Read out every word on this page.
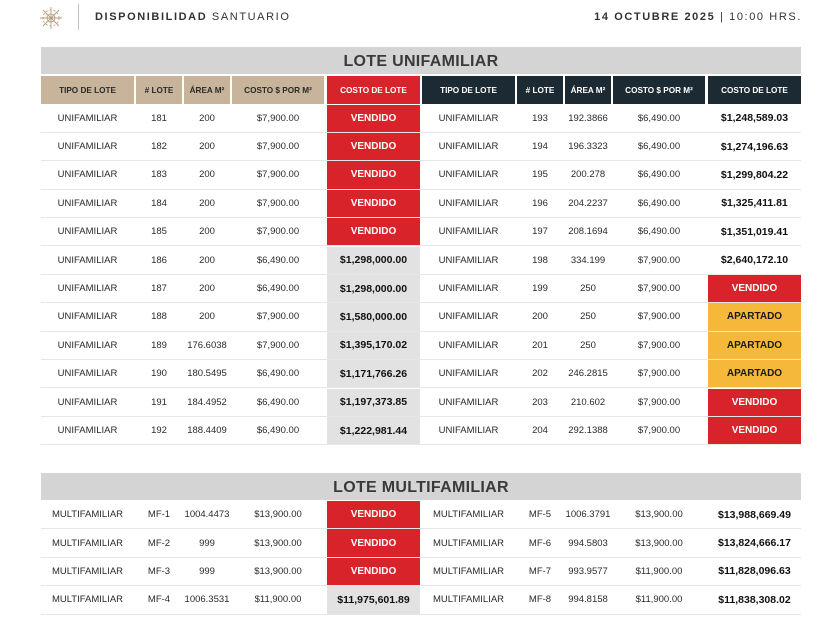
DISPONIBILIDAD SANTUARIO	14 OCTUBRE 2025 | 10:00 HRS.
LOTE UNIFAMILIAR
TIPO DE LOTE	# LOTE	ÁREA M²	COSTO $ POR M²	COSTO DE LOTE	TIPO DE LOTE	# LOTE	ÁREA M²	COSTO $ POR M²	COSTO DE LOTE
UNIFAMILIAR	181	200	$7,900.00	VENDIDO	UNIFAMILIAR	193	192.3866	$6,490.00	$1,248,589.03
UNIFAMILIAR	182	200	$7,900.00	VENDIDO	UNIFAMILIAR	194	196.3323	$6,490.00	$1,274,196.63
UNIFAMILIAR	183	200	$7,900.00	VENDIDO	UNIFAMILIAR	195	200.278	$6,490.00	$1,299,804.22
UNIFAMILIAR	184	200	$7,900.00	VENDIDO	UNIFAMILIAR	196	204.2237	$6,490.00	$1,325,411.81
UNIFAMILIAR	185	200	$7,900.00	VENDIDO	UNIFAMILIAR	197	208.1694	$6,490.00	$1,351,019.41
UNIFAMILIAR	186	200	$6,490.00	$1,298,000.00	UNIFAMILIAR	198	334.199	$7,900.00	$2,640,172.10
UNIFAMILIAR	187	200	$6,490.00	$1,298,000.00	UNIFAMILIAR	199	250	$7,900.00	VENDIDO
UNIFAMILIAR	188	200	$7,900.00	$1,580,000.00	UNIFAMILIAR	200	250	$7,900.00	APARTADO
UNIFAMILIAR	189	176.6038	$7,900.00	$1,395,170.02	UNIFAMILIAR	201	250	$7,900.00	APARTADO
UNIFAMILIAR	190	180.5495	$6,490.00	$1,171,766.26	UNIFAMILIAR	202	246.2815	$7,900.00	APARTADO
UNIFAMILIAR	191	184.4952	$6,490.00	$1,197,373.85	UNIFAMILIAR	203	210.602	$7,900.00	VENDIDO
UNIFAMILIAR	192	188.4409	$6,490.00	$1,222,981.44	UNIFAMILIAR	204	292.1388	$7,900.00	VENDIDO
LOTE MULTIFAMILIAR
MULTIFAMILIAR	MF-1	1004.4473	$13,900.00	VENDIDO	MULTIFAMILIAR	MF-5	1006.3791	$13,900.00	$13,988,669.49
MULTIFAMILIAR	MF-2	999	$13,900.00	VENDIDO	MULTIFAMILIAR	MF-6	994.5803	$13,900.00	$13,824,666.17
MULTIFAMILIAR	MF-3	999	$13,900.00	VENDIDO	MULTIFAMILIAR	MF-7	993.9577	$11,900.00	$11,828,096.63
MULTIFAMILIAR	MF-4	1006.3531	$11,900.00	$11,975,601.89	MULTIFAMILIAR	MF-8	994.8158	$11,900.00	$11,838,308.02
